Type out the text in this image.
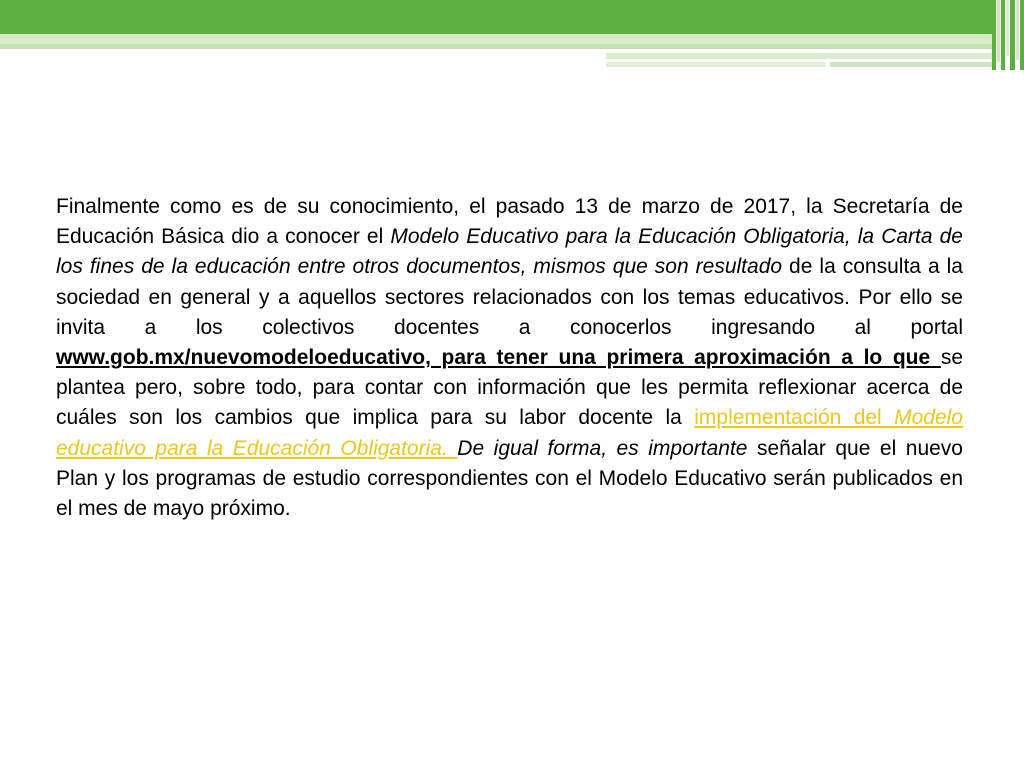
Finalmente como es de su conocimiento, el pasado 13 de marzo de 2017, la Secretaría de Educación Básica dio a conocer el Modelo Educativo para la Educación Obligatoria, la Carta de los fines de la educación entre otros documentos, mismos que son resultado de la consulta a la sociedad en general y a aquellos sectores relacionados con los temas educativos. Por ello se invita a los colectivos docentes a conocerlos ingresando al portal www.gob.mx/nuevomodeloeducativo, para tener una primera aproximación a lo que se plantea pero, sobre todo, para contar con información que les permita reflexionar acerca de cuáles son los cambios que implica para su labor docente la implementación del Modelo educativo para la Educación Obligatoria. De igual forma, es importante señalar que el nuevo Plan y los programas de estudio correspondientes con el Modelo Educativo serán publicados en el mes de mayo próximo.
